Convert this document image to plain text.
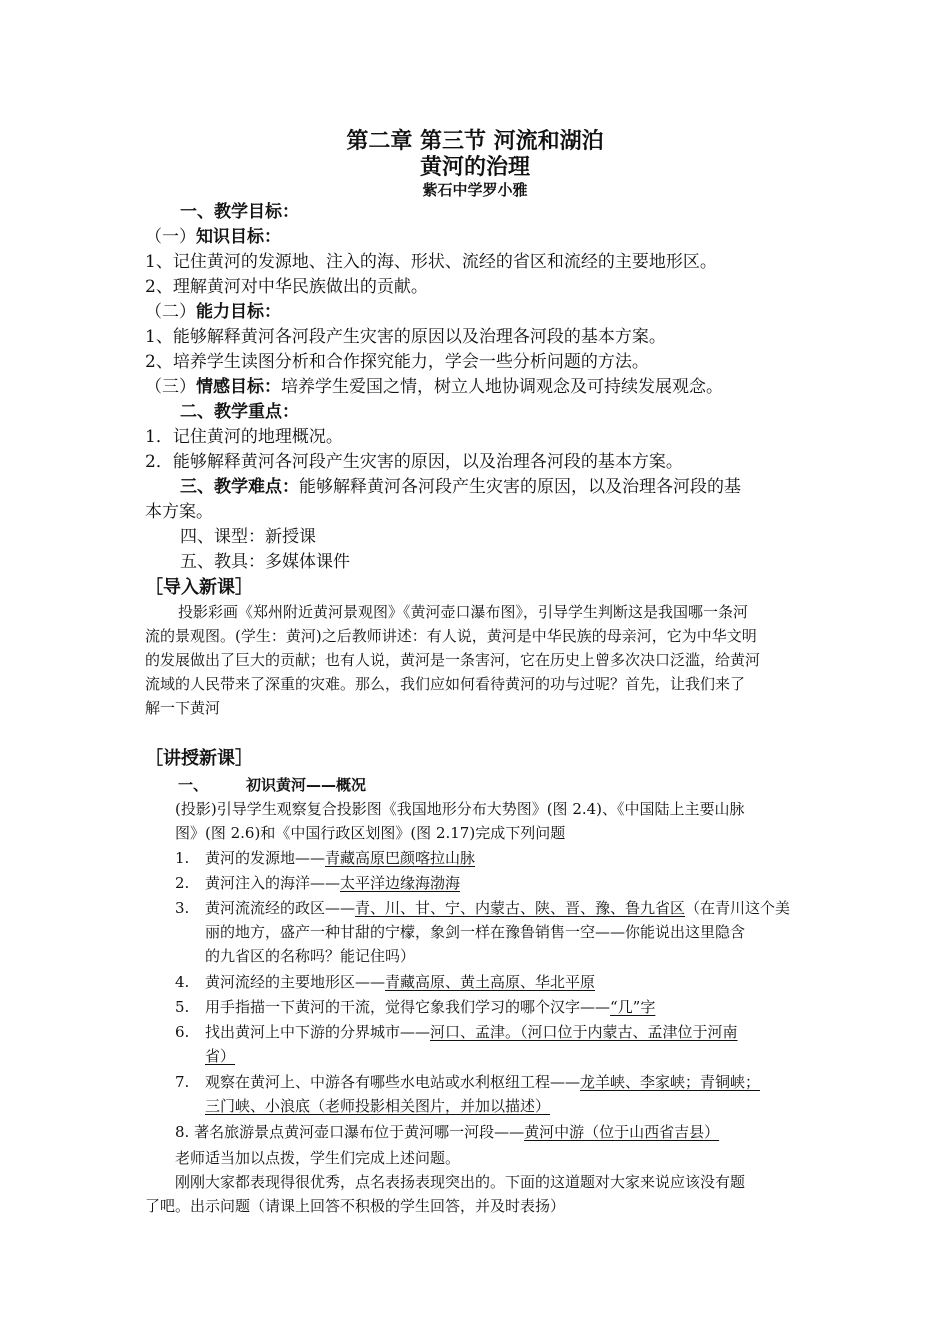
第二章 第三节 河流和湖泊
黄河的治理
紫石中学罗小雅
一、教学目标：
（一）知识目标：
1、记住黄河的发源地、注入的海、形状、流经的省区和流经的主要地形区。
2、理解黄河对中华民族做出的贡献。
（二）能力目标：
1、能够解释黄河各河段产生灾害的原因以及治理各河段的基本方案。
2、培养学生读图分析和合作探究能力，学会一些分析问题的方法。
（三）情感目标：培养学生爱国之情，树立人地协调观念及可持续发展观念。
二、教学重点：
1．记住黄河的地理概况。
2．能够解释黄河各河段产生灾害的原因，以及治理各河段的基本方案。
三、教学难点：能够解释黄河各河段产生灾害的原因，以及治理各河段的基
本方案。
四、课型：新授课
五、教具：多媒体课件
［导入新课］
投影彩画《郑州附近黄河景观图》《黄河壶口瀑布图》，引导学生判断这是我国哪一条河
流的景观图。(学生：黄河)之后教师讲述：有人说，黄河是中华民族的母亲河，它为中华文明
的发展做出了巨大的贡献；也有人说，黄河是一条害河，它在历史上曾多次决口泛滥，给黄河
流域的人民带来了深重的灾难。那么，我们应如何看待黄河的功与过呢？首先，让我们来了
解一下黄河
［讲授新课］
一、	初识黄河——概况
(投影)引导学生观察复合投影图《我国地形分布大势图》(图 2.4)、《中国陆上主要山脉
图》(图 2.6)和《中国行政区划图》(图 2.17)完成下列问题
1. 黄河的发源地——青藏高原巴颜喀拉山脉
2. 黄河注入的海洋——太平洋边缘海渤海
3. 黄河流流经的政区——青、川、甘、宁、内蒙古、陕、晋、豫、鲁九省区（在青川这个美
丽的地方，盛产一种甘甜的宁檬，象剑一样在豫鲁销售一空——你能说出这里隐含
的九省区的名称吗？能记住吗）
4. 黄河流经的主要地形区——青藏高原、黄土高原、华北平原
5. 用手指描一下黄河的干流，觉得它象我们学习的哪个汉字——“几”字
6. 找出黄河上中下游的分界城市——河口、孟津。（河口位于内蒙古、孟津位于河南
省）
7. 观察在黄河上、中游各有哪些水电站或水利枢纽工程——龙羊峡、李家峡；青铜峡；
三门峡、小浪底（老师投影相关图片，并加以描述）
8. 著名旅游景点黄河壶口瀑布位于黄河哪一河段——黄河中游（位于山西省吉县）
老师适当加以点拨，学生们完成上述问题。
刚刚大家都表现得很优秀，点名表扬表现突出的。下面的这道题对大家来说应该没有题
了吧。出示问题（请课上回答不积极的学生回答，并及时表扬）
